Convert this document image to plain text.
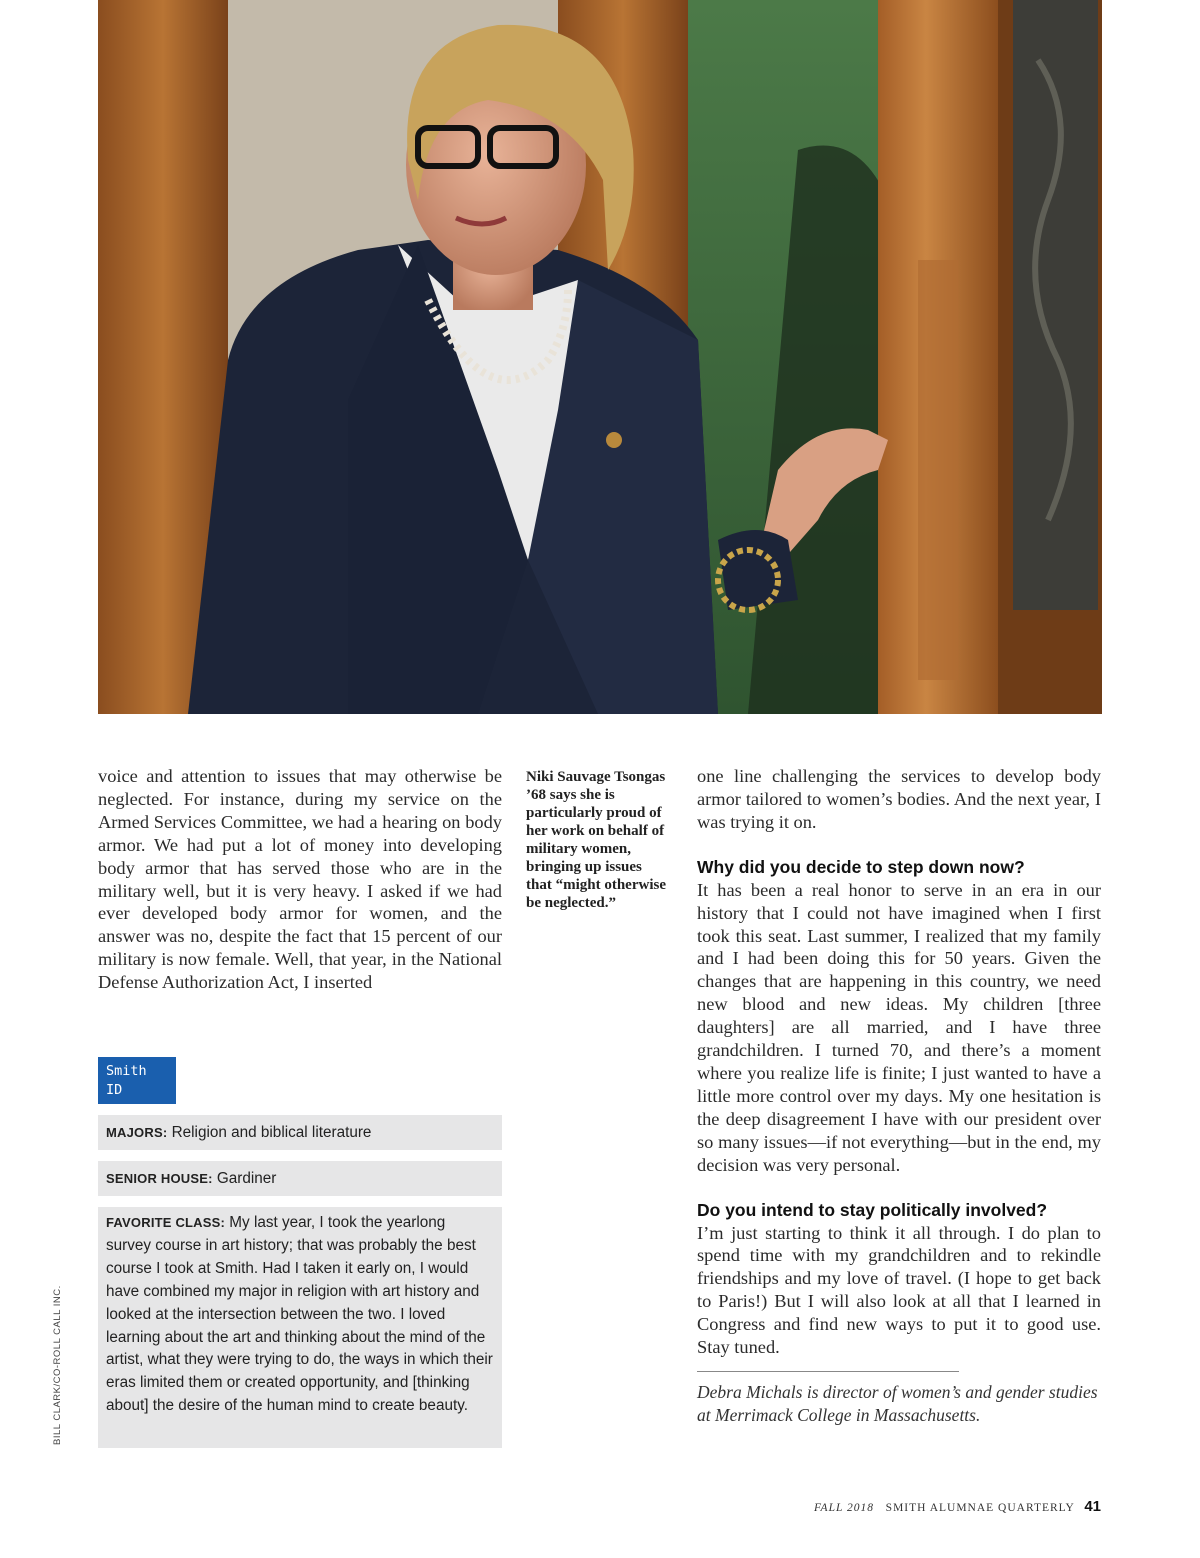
BILL CLARK/CO-ROLL CALL INC.

voice and attention to issues that may otherwise be neglected. For instance, during my service on the Armed Services Committee, we had a hearing on body armor. We had put a lot of money into developing body armor that has served those who are in the military well, but it is very heavy. I asked if we had ever developed body armor for women, and the answer was no, despite the fact that 15 percent of our military is now female. Well, that year, in the National Defense Authorization Act, I inserted

Niki Sauvage Tsongas ’68 says she is particularly proud of her work on behalf of military women, bringing up issues that “might otherwise be neglected.”
Smith
ID
MAJORS: Religion and biblical literature
SENIOR HOUSE: Gardiner
FAVORITE CLASS: My last year, I took the yearlong survey course in art history; that was probably the best course I took at Smith. Had I taken it early on, I would have combined my major in religion with art history and looked at the intersection between the two. I loved learning about the art and thinking about the mind of the artist, what they were trying to do, the ways in which their eras limited them or created opportunity, and [thinking about] the desire of the human mind to create beauty.

one line challenging the services to develop body armor tailored to women’s bodies. And the next year, I was trying it on.

Why did you decide to step down now?

It has been a real honor to serve in an era in our history that I could not have imagined when I first took this seat. Last summer, I realized that my family and I had been doing this for 50 years. Given the changes that are happening in this country, we need new blood and new ideas. My children [three daughters] are all married, and I have three grandchildren. I turned 70, and there’s a moment where you realize life is finite; I just wanted to have a little more control over my days. My one hesitation is the deep disagreement I have with our president over so many issues—if not everything—but in the end, my decision was very personal.

Do you intend to stay politically involved?

I’m just starting to think it all through. I do plan to spend time with my grandchildren and to rekindle friendships and my love of travel. (I hope to get back to Paris!) But I will also look at all that I learned in Congress and find new ways to put it to good use. Stay tuned.

Debra Michals is director of women’s and gender studies at Merrimack College in Massachusetts.
FALL 2018 SMITH ALUMNAE QUARTERLY 41
